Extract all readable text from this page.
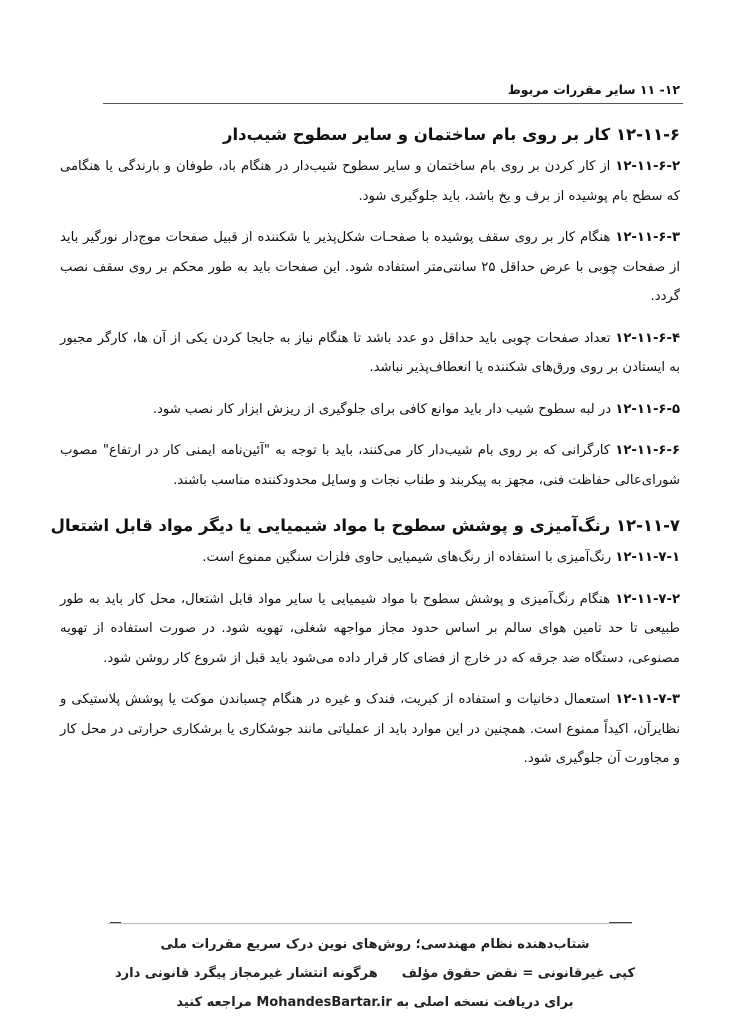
۱۲- ۱۱ سایر مقررات مربوط
۱۲-۱۱-۶ کار بر روی بام ساختمان و سایر سطوح شیب‌دار

۱۲-۱۱-۶-۲ از کار کردن بر روی بام ساختمان و سایر سطوح شیب‌دار در هنگام باد، طوفان و بارندگی یا هنگامی که سطح بام پوشیده از برف و یخ باشد، باید جلوگیری شود.

۱۲-۱۱-۶-۳ هنگام کار بر روی سقف پوشیده با صفحـات شکل‌پذیر یا شکننده از قبیل صفحات موج‌دار نورگیر باید از صفحات چوبی با عرض حداقل ۲۵ سانتی‌متر استفاده شود. این صفحات باید به طور محکم بر روی سقف نصب گردد.

۱۲-۱۱-۶-۴ تعداد صفحات چوبی باید حداقل دو عدد باشد تا هنگام نیاز به جابجا کردن یکی از آن ها، کارگر مجبور به ایستادن بر روی ورق‌های شکننده یا انعطاف‌پذیر نباشد.

۱۲-۱۱-۶-۵ در لبه سطوح شیب دار باید موانع کافی برای جلوگیری از ریزش ابزار کار نصب شود.

۱۲-۱۱-۶-۶ کارگرانی که بر روی بام شیب‌دار کار می‌کنند، باید با توجه به "آئین‌نامه ایمنی کار در ارتفاع" مصوب شورای‌عالی حفاظت فنی، مجهز به پیکربند و طناب نجات و وسایل محدودکننده مناسب باشند.

۱۲-۱۱-۷ رنگ‌آمیزی و پوشش سطوح با مواد شیمیایی یا دیگر مواد قابل اشتعال

۱۲-۱۱-۷-۱ رنگ‌آمیزی با استفاده از رنگ‌های شیمیایی حاوی فلزات سنگین ممنوع است.

۱۲-۱۱-۷-۲ هنگام رنگ‌آمیزی و پوشش سطوح با مواد شیمیایی یا سایر مواد قابل اشتعال، محل کار باید به طور طبیعی تا حد تامین هوای سالم بر اساس حدود مجاز مواجهه شغلی، تهویه شود. در صورت استفاده از تهویه مصنوعی، دستگاه ضد جرقه که در خارج از فضای کار قرار داده می‌شود باید قبل از شروع کار روشن شود.

۱۲-۱۱-۷-۳ استعمال دخانیات و استفاده از کبریت، فندک و غیره در هنگام چسباندن موکت یا پوشش پلاستیکی و نظایرآن، اکیداً ممنوع است. همچنین در این موارد باید از عملیاتی مانند جوشکاری یا برشکاری حرارتی در محل کار و مجاورت آن جلوگیری شود.

شتاب‌دهنده نظام مهندسی؛ روش‌های نوین درک سریع مقررات ملی
کپی غیرقانونی = نقض حقوق مؤلفهرگونه انتشار غیرمجاز پیگرد قانونی دارد
برای دریافت نسخه اصلی به MohandesBartar.ir مراجعه کنید
